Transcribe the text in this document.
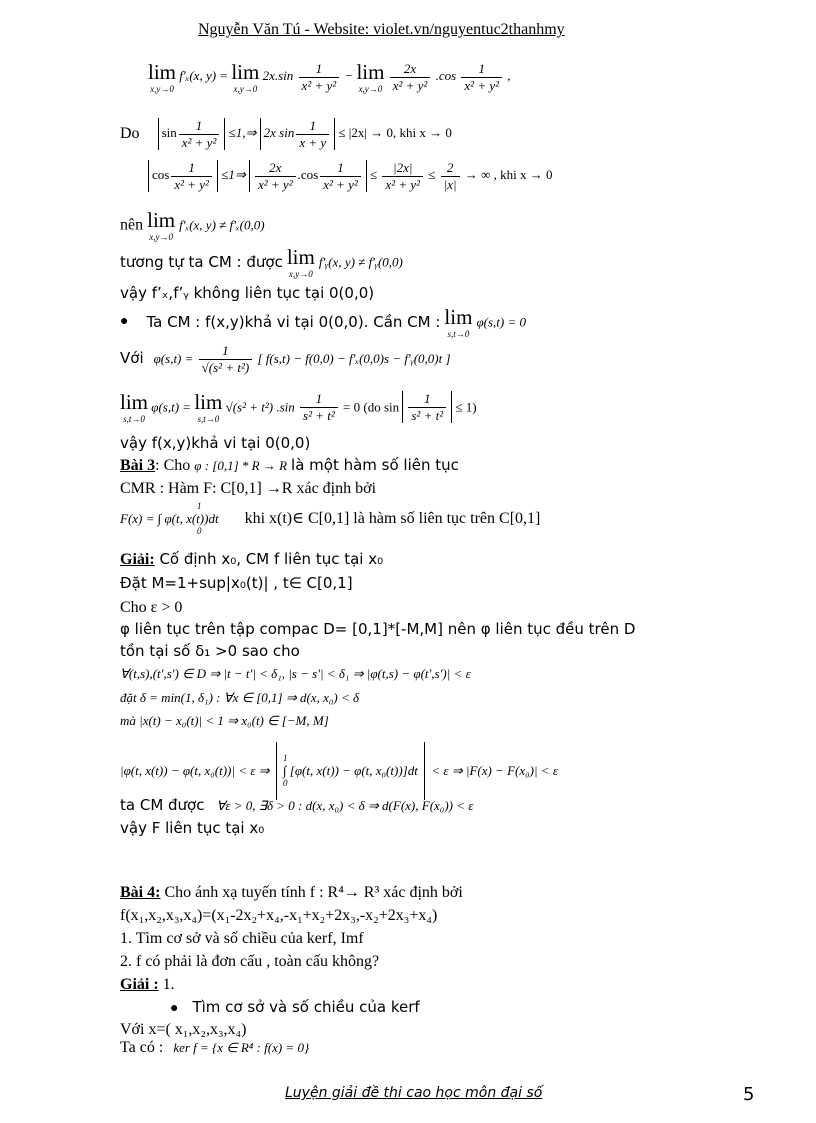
Nguyễn Văn Tú - Website: violet.vn/nguyentuc2thanhmy
lim
x,y→0
f'ₓ(x, y) = lim
x,y→0
$2x.\sin \frac{1}{\text{x² + y²}} - \lim$
x,y→0
$\frac{2x}{\text{x² + y²}} .\cos \frac{1}{\text{x² + y²}}$ ,
Do $\sin \frac{1}{\text{x² + y²}}$ ≤1,⇒ 2x $\sin \frac{1}{x + y} \le |2x| \to 0$, khi x → 0
$\cos \frac{1}{\text{x² + y²}}$ ≤1⇒ $\frac{2x}{\text{x² + y²}} .\cos \frac{1}{\text{x² + y²}} \le \frac{|2x|}{\text{x² + y²}} \le \frac{2}{|x|}$ → ∞ , khi x → 0
nên lim
x,y→0
f'ₓ(x, y) ≠ f'ₓ(0,0)
tương tự ta CM : được lim
x,y→0
f'ᵧ(x, y) ≠ f'ᵧ(0,0)
vậy f’ₓ,f’ᵧ không liên tục tại 0(0,0)
● Ta CM : f(x,y)khả vi tại 0(0,0). Cần CM : lim
s,t→0
φ(s,t) = 0
Với $\varphi(s,t) = \frac{1}{\text{√(s² + t²)}}$ [ f(s,t) − f(0,0) − f'ₓ(0,0)s − f'ᵧ(0,0)t ]
lim
s,t→0
φ(s,t) = lim
s,t→0
√(s² + t²) $.\sin \frac{1}{\text{s² + t²}} = 0$ (do $\sin \frac{1}{\text{s² + t²}} \le 1$)
vậy f(x,y)khả vi tại 0(0,0)
Bài 3: Cho φ : [0,1] * R → R là một hàm số liên tục
CMR : Hàm F: C[0,1] →R xác định bởi
1
F(x) = ∫ φ(t, x(t))dt
0
khi x(t)∈ C[0,1] là hàm số liên tục trên C[0,1]
Giải: Cố định x₀, CM f liên tục tại x₀
Đặt M=1+sup|x₀(t)| , t∈ C[0,1]
Cho ε > 0
φ liên tục trên tập compac D= [0,1]*[-M,M] nên φ liên tục đều trên D
tồn tại số δ₁ >0 sao cho
∀(t,s),(t',s') ∈ D ⇒ |t − t'| < δ₁, |s − s'| < δ₁ ⇒ |φ(t,s) − φ(t',s')| < ε
đặt δ = min(1, δ₁) : ∀x ∈ [0,1] ⇒ d(x, x₀) < δ
mà |x(t) − x₀(t)| < 1 ⇒ x₀(t) ∈ [−M, M]
|φ(t, x(t)) − φ(t, x₀(t))| < ε ⇒
1
∫ [φ(t, x(t)) − φ(t, x₀(t))]dt
0
< ε ⇒ |F(x) − F(x₀)| < ε
ta CM được ∀ε > 0, ∃δ > 0 : d(x, x₀) < δ ⇒ d(F(x), F(x₀)) < ε
vậy F liên tục tại x₀
Bài 4: Cho ánh xạ tuyến tính f : R⁴→ R³ xác định bởi
f(x₁,x₂,x₃,x₄)=(x₁-2x₂+x₄,-x₁+x₂+2x₃,-x₂+2x₃+x₄)
1. Tìm cơ sở và số chiều của kerf, Imf
2. f có phải là đơn cấu , toàn cấu không?
Giải : 1.
● Tìm cơ sở và số chiều của kerf
Với x=( x₁,x₂,x₃,x₄)
Ta có : ker f = {x ∈ R⁴ : f(x) = 0}
Luyện giải đề thi cao học môn đại số	5
